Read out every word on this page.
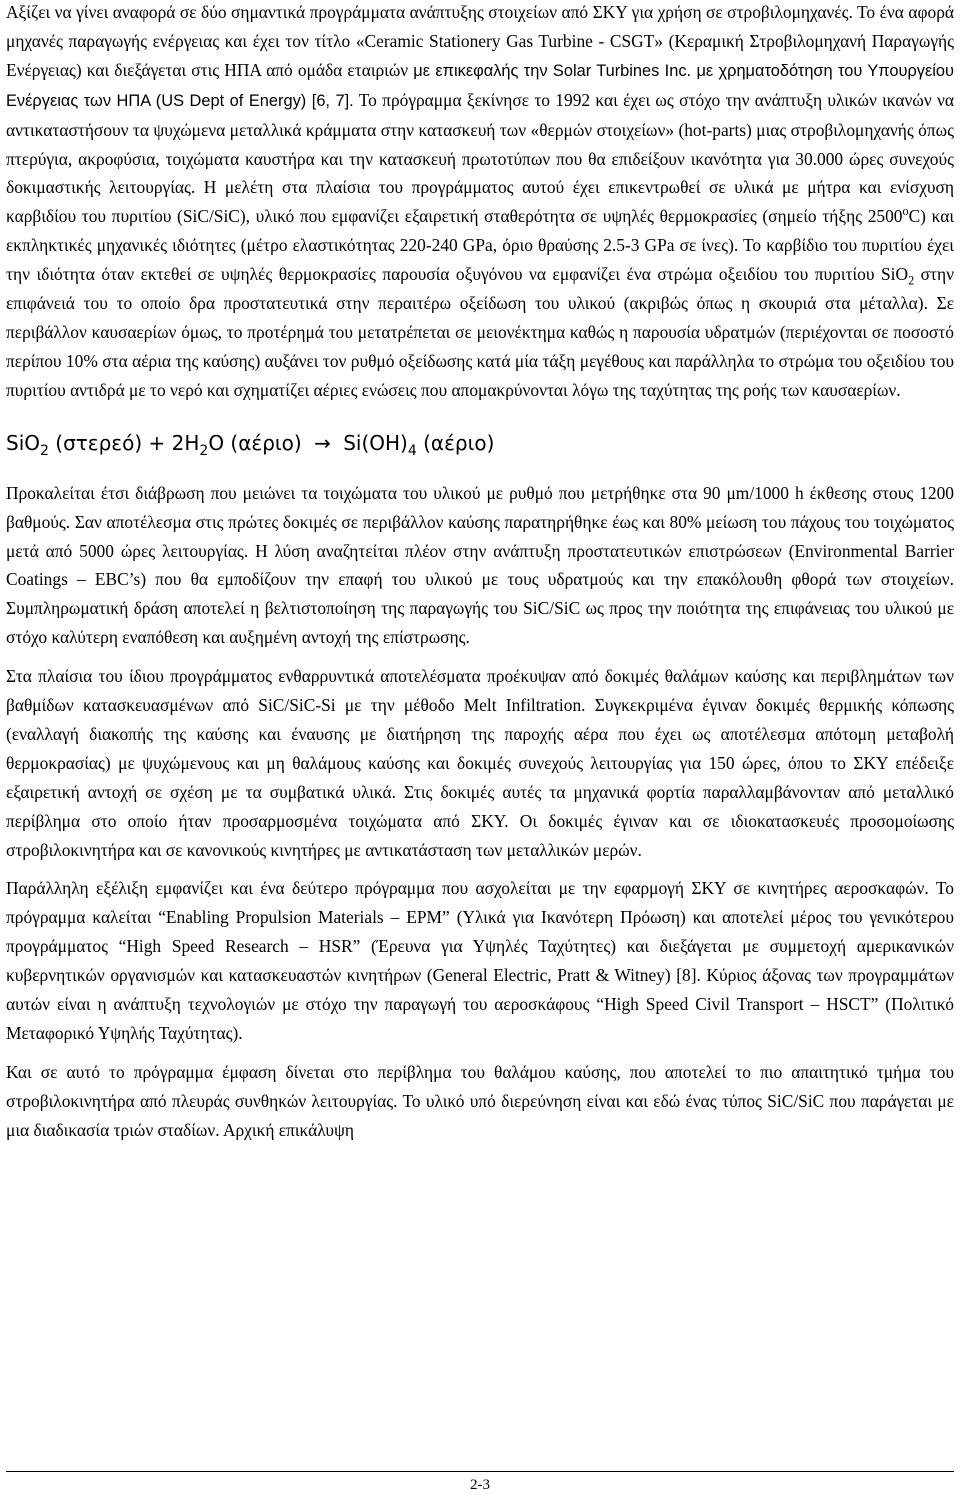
Αξίζει να γίνει αναφορά σε δύο σημαντικά προγράμματα ανάπτυξης στοιχείων από ΣΚΥ για χρήση σε στροβιλομηχανές. Το ένα αφορά μηχανές παραγωγής ενέργειας και έχει τον τίτλο «Ceramic Stationery Gas Turbine - CSGT» (Κεραμική Στροβιλομηχανή Παραγωγής Ενέργειας) και διεξάγεται στις ΗΠΑ από ομάδα εταιριών με επικεφαλής την Solar Turbines Inc. με χρηματοδότηση του Υπουργείου Ενέργειας των ΗΠΑ (US Dept of Energy) [6, 7]. Το πρόγραμμα ξεκίνησε το 1992 και έχει ως στόχο την ανάπτυξη υλικών ικανών να αντικαταστήσουν τα ψυχώμενα μεταλλικά κράμματα στην κατασκευή των «θερμών στοιχείων» (hot-parts) μιας στροβιλομηχανής όπως πτερύγια, ακροφύσια, τοιχώματα καυστήρα και την κατασκευή πρωτοτύπων που θα επιδείξουν ικανότητα για 30.000 ώρες συνεχούς δοκιμαστικής λειτουργίας. Η μελέτη στα πλαίσια του προγράμματος αυτού έχει επικεντρωθεί σε υλικά με μήτρα και ενίσχυση καρβιδίου του πυριτίου (SiC/SiC), υλικό που εμφανίζει εξαιρετική σταθερότητα σε υψηλές θερμοκρασίες (σημείο τήξης 2500$^o$C) και εκπληκτικές μηχανικές ιδιότητες (μέτρο ελαστικότητας 220-240 GPa, όριο θραύσης 2.5-3 GPa σε ίνες). Το καρβίδιο του πυριτίου έχει την ιδιότητα όταν εκτεθεί σε υψηλές θερμοκρασίες παρουσία οξυγόνου να εμφανίζει ένα στρώμα οξειδίου του πυριτίου SiO$_2$ στην επιφάνειά του το οποίο δρα προστατευτικά στην περαιτέρω οξείδωση του υλικού (ακριβώς όπως η σκουριά στα μέταλλα). Σε περιβάλλον καυσαερίων όμως, το προτέρημά του μετατρέπεται σε μειονέκτημα καθώς η παρουσία υδρατμών (περιέχονται σε ποσοστό περίπου 10% στα αέρια της καύσης) αυξάνει τον ρυθμό οξείδωσης κατά μία τάξη μεγέθους και παράλληλα το στρώμα του οξειδίου του πυριτίου αντιδρά με το νερό και σχηματίζει αέριες ενώσεις που απομακρύνονται λόγω της ταχύτητας της ροής των καυσαερίων.

SiO$_2$ $(\sigma\tau\varepsilon\rho\varepsilon ό) + 2H_2O$ $(\alpha έ\rho\iota o) \to Si(OH)_4$ (αέριο)

Προκαλείται έτσι διάβρωση που μειώνει τα τοιχώματα του υλικού με ρυθμό που μετρήθηκε στα 90 μm/1000 h έκθεσης στους 1200 βαθμούς. Σαν αποτέλεσμα στις πρώτες δοκιμές σε περιβάλλον καύσης παρατηρήθηκε έως και 80% μείωση του πάχους του τοιχώματος μετά από 5000 ώρες λειτουργίας. Η λύση αναζητείται πλέον στην ανάπτυξη προστατευτικών επιστρώσεων (Environmental Barrier Coatings – EBC’s) που θα εμποδίζουν την επαφή του υλικού με τους υδρατμούς και την επακόλουθη φθορά των στοιχείων. Συμπληρωματική δράση αποτελεί η βελτιστοποίηση της παραγωγής του SiC/SiC ως προς την ποιότητα της επιφάνειας του υλικού με στόχο καλύτερη εναπόθεση και αυξημένη αντοχή της επίστρωσης.

Στα πλαίσια του ίδιου προγράμματος ενθαρρυντικά αποτελέσματα προέκυψαν από δοκιμές θαλάμων καύσης και περιβλημάτων των βαθμίδων κατασκευασμένων από SiC/SiC-Si με την μέθοδο Melt Infiltration. Συγκεκριμένα έγιναν δοκιμές θερμικής κόπωσης (εναλλαγή διακοπής της καύσης και έναυσης με διατήρηση της παροχής αέρα που έχει ως αποτέλεσμα απότομη μεταβολή θερμοκρασίας) με ψυχώμενους και μη θαλάμους καύσης και δοκιμές συνεχούς λειτουργίας για 150 ώρες, όπου το ΣΚΥ επέδειξε εξαιρετική αντοχή σε σχέση με τα συμβατικά υλικά. Στις δοκιμές αυτές τα μηχανικά φορτία παραλλαμβάνονταν από μεταλλικό περίβλημα στο οποίο ήταν προσαρμοσμένα τοιχώματα από ΣΚΥ. Οι δοκιμές έγιναν και σε ιδιοκατασκευές προσομοίωσης στροβιλοκινητήρα και σε κανονικούς κινητήρες με αντικατάσταση των μεταλλικών μερών.

Παράλληλη εξέλιξη εμφανίζει και ένα δεύτερο πρόγραμμα που ασχολείται με την εφαρμογή ΣΚΥ σε κινητήρες αεροσκαφών. Το πρόγραμμα καλείται “Enabling Propulsion Materials – EPM” (Υλικά για Ικανότερη Πρόωση) και αποτελεί μέρος του γενικότερου προγράμματος “High Speed Research – HSR” (Έρευνα για Υψηλές Ταχύτητες) και διεξάγεται με συμμετοχή αμερικανικών κυβερνητικών οργανισμών και κατασκευαστών κινητήρων (General Electric, Pratt & Witney) [8]. Κύριος άξονας των προγραμμάτων αυτών είναι η ανάπτυξη τεχνολογιών με στόχο την παραγωγή του αεροσκάφους “High Speed Civil Transport – HSCT” (Πολιτικό Μεταφορικό Υψηλής Ταχύτητας).

Και σε αυτό το πρόγραμμα έμφαση δίνεται στο περίβλημα του θαλάμου καύσης, που αποτελεί το πιο απαιτητικό τμήμα του στροβιλοκινητήρα από πλευράς συνθηκών λειτουργίας. Το υλικό υπό διερεύνηση είναι και εδώ ένας τύπος SiC/SiC που παράγεται με μια διαδικασία τριών σταδίων. Αρχική επικάλυψη

2-3
